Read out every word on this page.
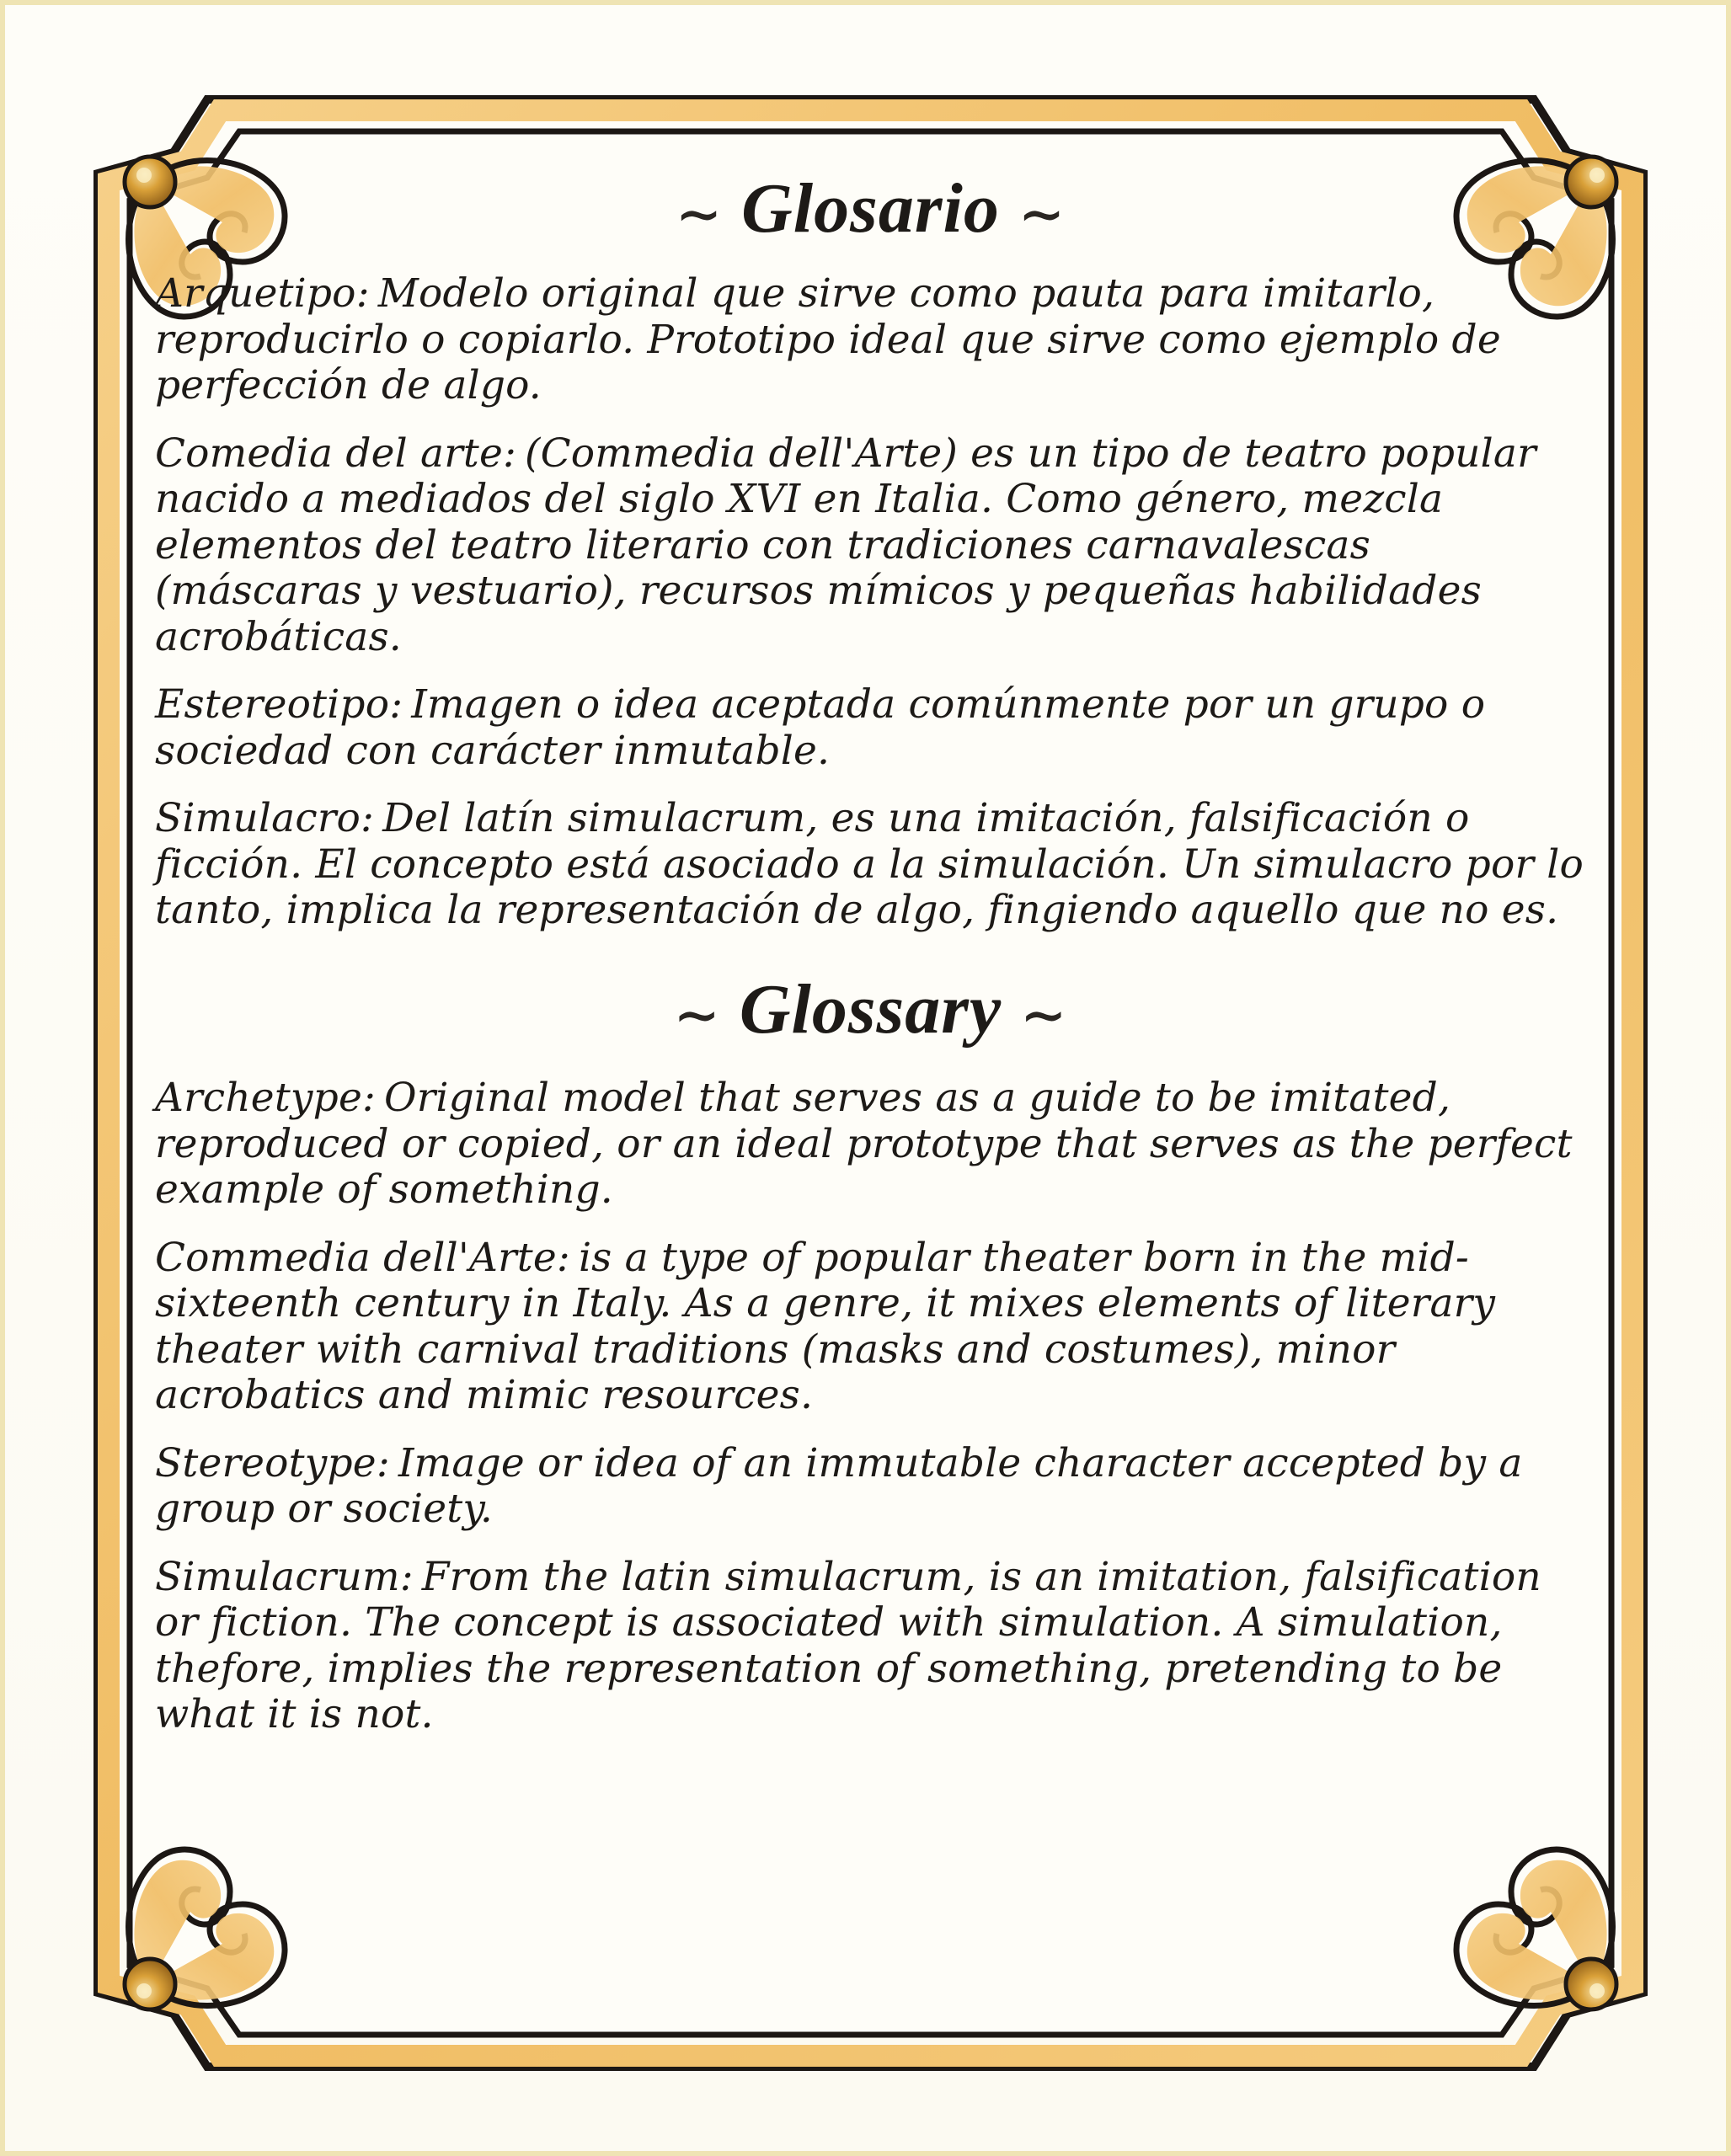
∼ Glosario ∼

Arquetipo: Modelo original que sirve como pauta para imitarlo, reproducirlo o copiarlo. Prototipo ideal que sirve como ejemplo de perfección de algo.

Comedia del arte: (Commedia dell'Arte) es un tipo de teatro popular nacido a mediados del siglo XVI en Italia. Como género, mezcla elementos del teatro literario con tradiciones carnavalescas (máscaras y vestuario), recursos mímicos y pequeñas habilidades acrobáticas.

Estereotipo: Imagen o idea aceptada comúnmente por un grupo o sociedad con carácter inmutable.

Simulacro: Del latín simulacrum, es una imitación, falsificación o ficción. El concepto está asociado a la simulación. Un simulacro por lo tanto, implica la representación de algo, fingiendo aquello que no es.

∼ Glossary ∼

Archetype: Original model that serves as a guide to be imitated, reproduced or copied, or an ideal prototype that serves as the perfect example of something.

Commedia dell'Arte: is a type of popular theater born in the mid-sixteenth century in Italy. As a genre, it mixes elements of literary theater with carnival traditions (masks and costumes), minor acrobatics and mimic resources.

Stereotype: Image or idea of an immutable character accepted by a group or society.

Simulacrum: From the latin simulacrum, is an imitation, falsification or fiction. The concept is associated with simulation. A simulation, thefore, implies the representation of something, pretending to be what it is not.
